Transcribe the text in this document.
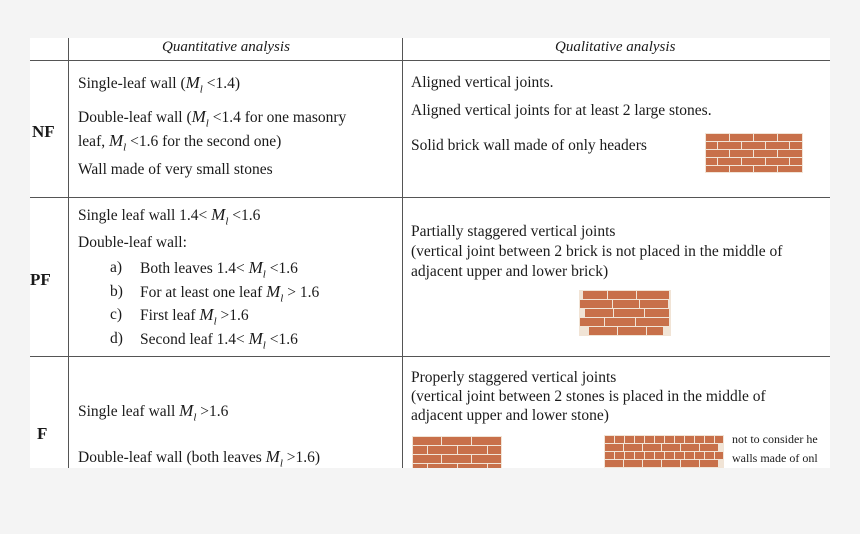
Quantitative analysis	Qualitative analysis
NF
Single-leaf wall $(M_l <1.4)$
Double-leaf wall ($M_l <1.4$ for one masonry
leaf, $M_l <1.6$ for the second one)
Wall made of very small stones
Aligned vertical joints.
Aligned vertical joints for at least 2 large stones.
Solid brick wall made of only headers
PF
Single leaf wall $1.4< M_l <1.6$
Double-leaf wall:
a) Both leaves $1.4< M_l <1.6$
b) For at least one leaf $M_l > 1.6$
c) First leaf $M_l >1.6$
d) Second leaf $1.4< M_l <1.6$
Partially staggered vertical joints
(vertical joint between 2 brick is not placed in the middle of
adjacent upper and lower brick)
F
Single leaf wall $M_l >1.6$
Double-leaf wall (both leaves $M_l >1.6$)
Properly staggered vertical joints
(vertical joint between 2 stones is placed in the middle of
adjacent upper and lower stone)
not to consider he
walls made of onl
